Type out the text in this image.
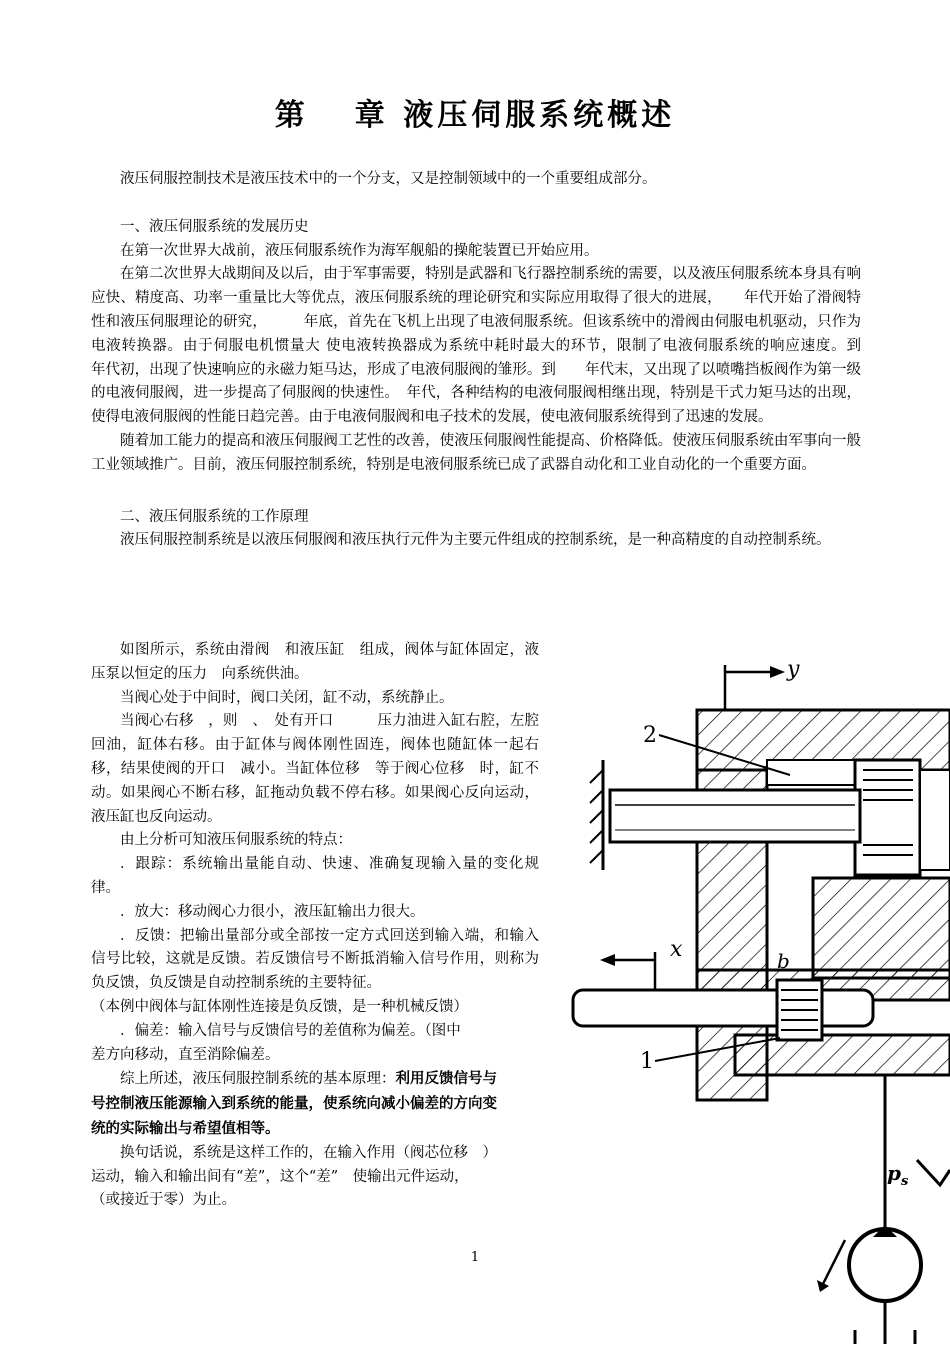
第 章 液压伺服系统概述

液压伺服控制技术是液压技术中的一个分支，又是控制领域中的一个重要组成部分。

一、液压伺服系统的发展历史

在第一次世界大战前，液压伺服系统作为海军舰船的操舵装置已开始应用。

在第二次世界大战期间及以后，由于军事需要，特别是武器和飞行器控制系统的需要，以及液压伺服系统本身具有响应快、精度高、功率一重量比大等优点，液压伺服系统的理论研究和实际应用取得了很大的进展，　　年代开始了滑阀特性和液压伺服理论的研究，　　　年底，首先在飞机上出现了电液伺服系统。但该系统中的滑阀由伺服电机驱动，只作为电液转换器。由于伺服电机惯量大 使电液转换器成为系统中耗时最大的环节，限制了电液伺服系统的响应速度。到　　年代初，出现了快速响应的永磁力矩马达，形成了电液伺服阀的雏形。到　　年代末，又出现了以喷嘴挡板阀作为第一级的电液伺服阀，进一步提高了伺服阀的快速性。　年代，各种结构的电液伺服阀相继出现，特别是干式力矩马达的出现，使得电液伺服阀的性能日趋完善。由于电液伺服阀和电子技术的发展，使电液伺服系统得到了迅速的发展。

随着加工能力的提高和液压伺服阀工艺性的改善，使液压伺服阀性能提高、价格降低。使液压伺服系统由军事向一般工业领域推广。目前，液压伺服控制系统，特别是电液伺服系统已成了武器自动化和工业自动化的一个重要方面。

二、液压伺服系统的工作原理

液压伺服控制系统是以液压伺服阀和液压执行元件为主要元件组成的控制系统，是一种高精度的自动控制系统。

如图所示，系统由滑阀　和液压缸　组成，阀体与缸体固定，液压泵以恒定的压力　向系统供油。

当阀心处于中间时，阀口关闭，缸不动，系统静止。

当阀心右移　，则　、　处有开口　　　压力油进入缸右腔，左腔回油，缸体右移。由于缸体与阀体刚性固连，阀体也随缸体一起右移，结果使阀的开口　减小。当缸体位移　等于阀心位移　时，缸不动。如果阀心不断右移，缸拖动负载不停右移。如果阀心反向运动，液压缸也反向运动。

由上分析可知液压伺服系统的特点：

．跟踪：系统输出量能自动、快速、准确复现输入量的变化规律。

．放大：移动阀心力很小，液压缸输出力很大。

．反馈：把输出量部分或全部按一定方式回送到输入端，和输入信号比较，这就是反馈。若反馈信号不断抵消输入信号作用，则称为负反馈，负反馈是自动控制系统的主要特征。

（本例中阀体与缸体刚性连接是负反馈，是一种机械反馈）

．偏差：输入信号与反馈信号的差值称为偏差。（图中

差方向移动，直至消除偏差。

综上所述，液压伺服控制系统的基本原理：利用反馈信号与

号控制液压能源输入到系统的能量，使系统向减小偏差的方向变

统的实际输出与希望值相等。

换句话说，系统是这样工作的，在输入作用（阀芯位移　）

运动，输入和输出间有“差”，这个“差”　使输出元件运动，

（或接近于零）为止。

y
2
x	b
1
$p_s$
1
